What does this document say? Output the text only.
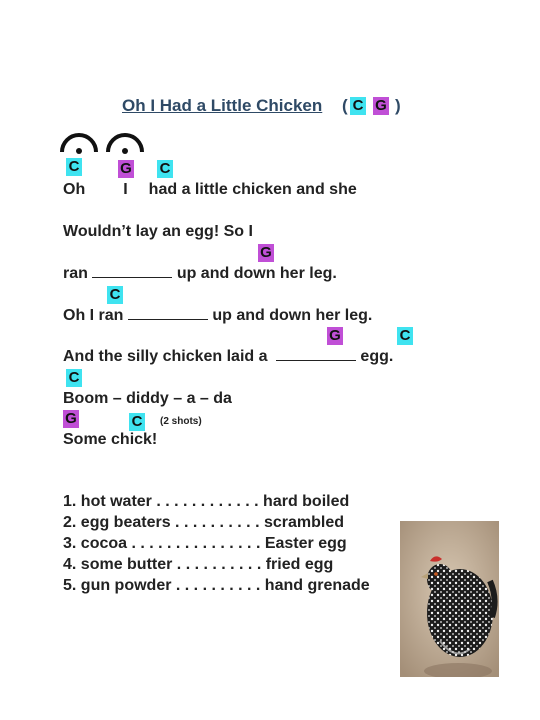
Oh I Had a Little Chicken ( C G )
C	G C
Oh I had a little chicken and she
Wouldn’t lay an egg! So I
G
ran	up and down her leg.
C
Oh I ran	up and down her leg.
G	C
And the silly chicken laid a	egg.
C
Boom – diddy – a – da
G	C (2 shots)
Some chick!
1. hot water . . . . . . . . . . . . hard boiled
2. egg beaters . . . . . . . . . . scrambled
3. cocoa . . . . . . . . . . . . . . . Easter egg
4. some butter . . . . . . . . . . fried egg
5. gun powder . . . . . . . . . . hand grenade
